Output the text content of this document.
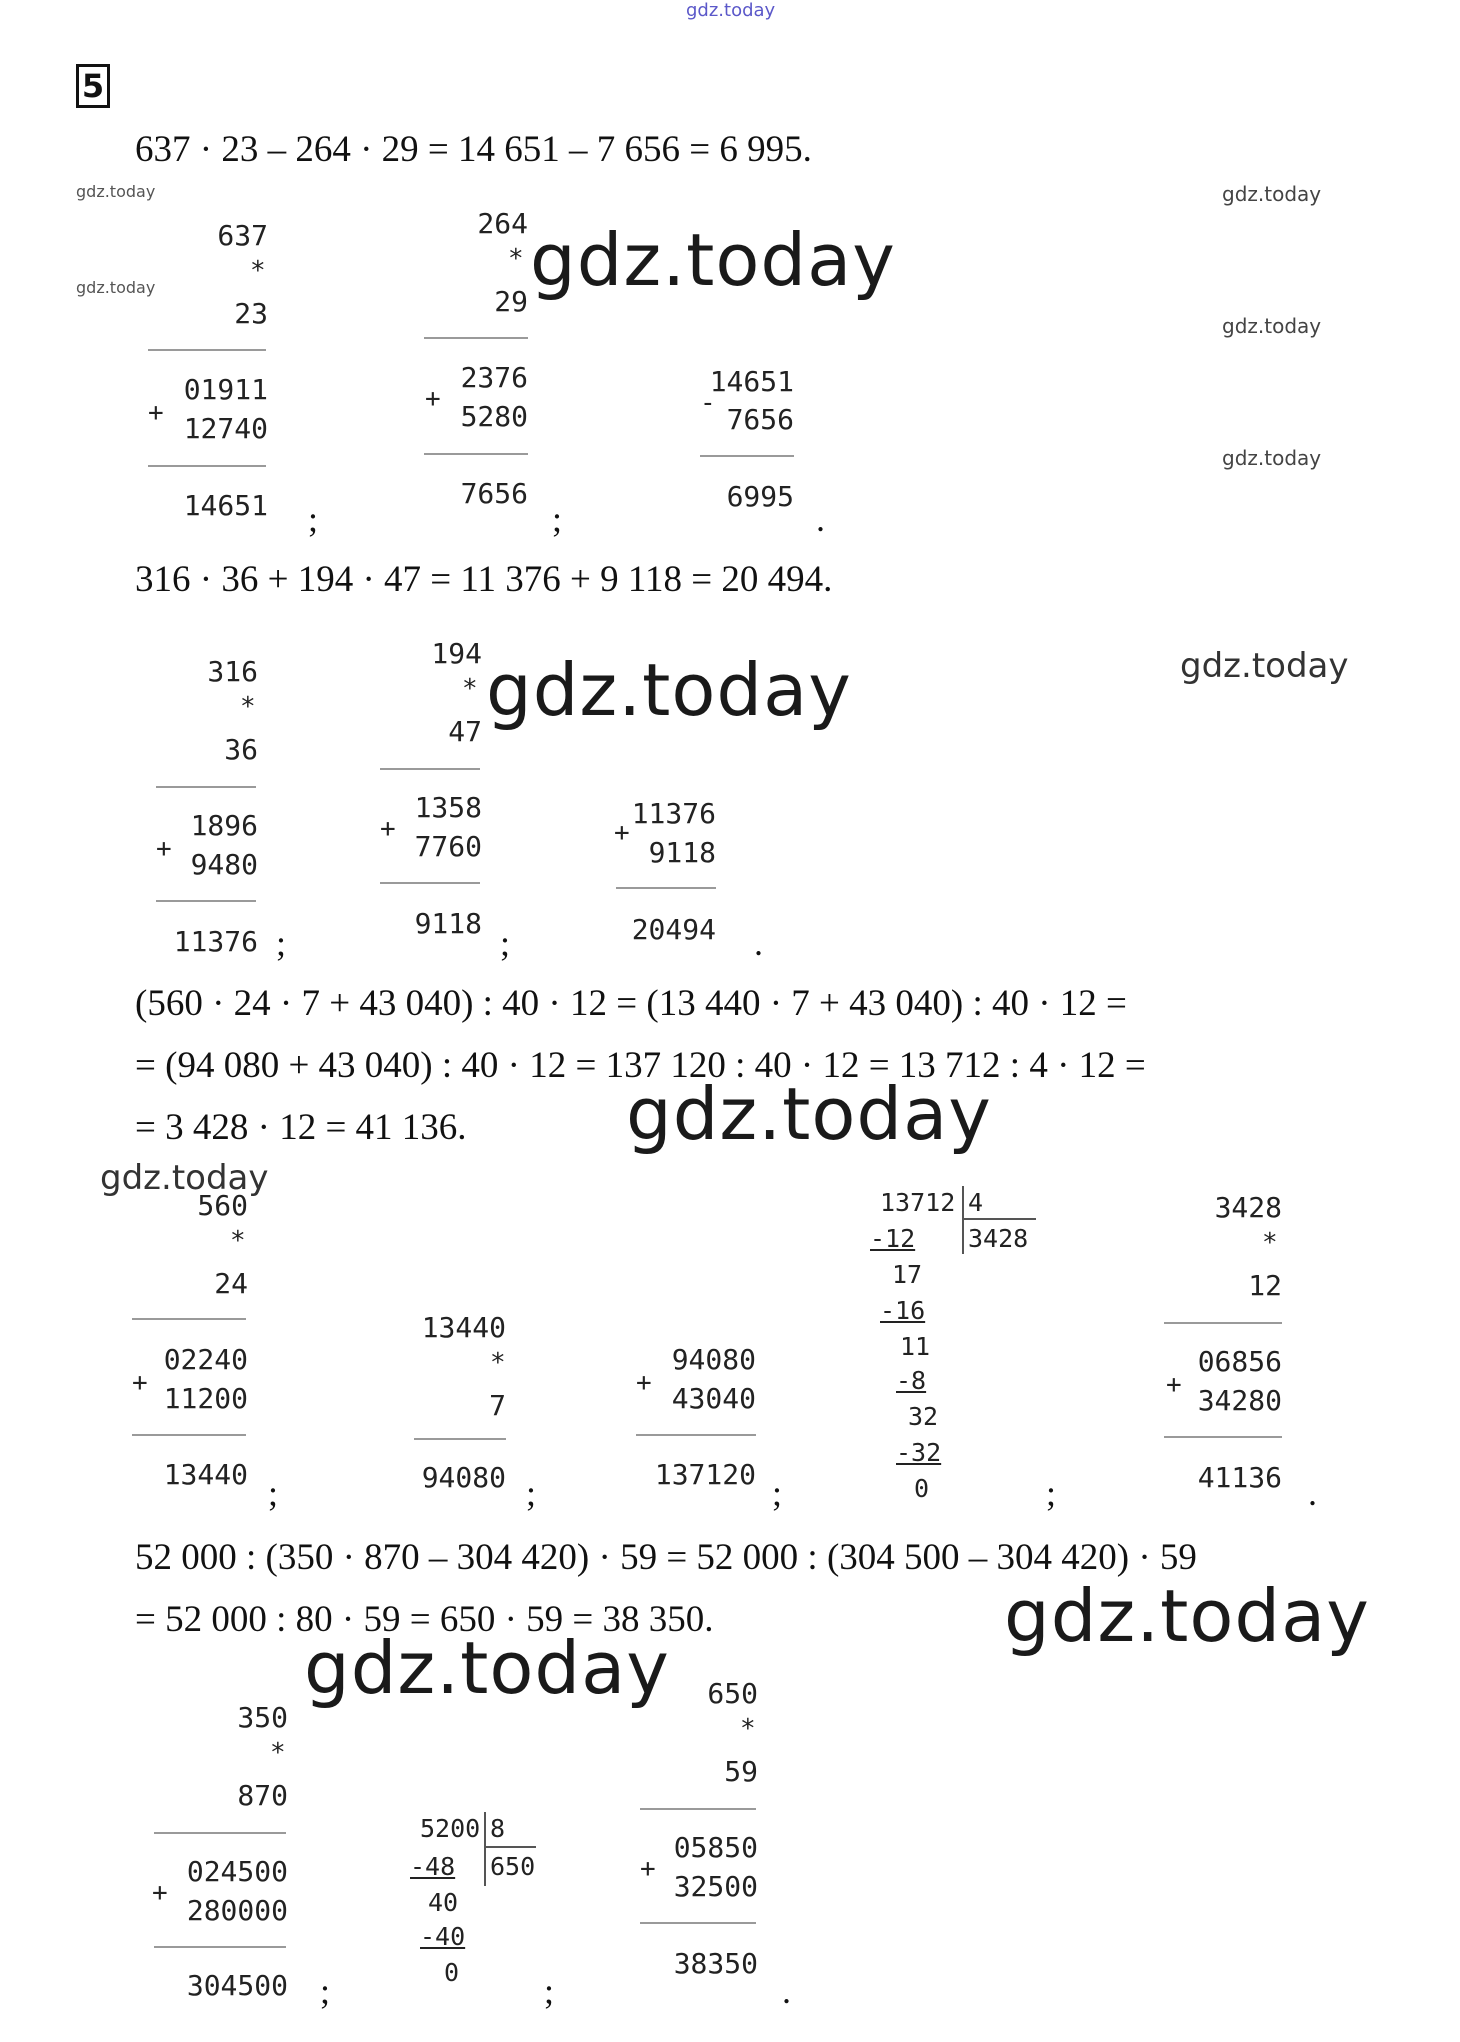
gdz.today
5
637 · 23 – 264 · 29 = 14 651 – 7 656 = 6 995.
637
*
23
+
01911
12740
14651 ;
264
*
29
+
2376
5280
7656
;
14651
- 7656
6995
.
gdz.today
gdz.today
gdz.today
gdz.today
gdz.today
gdz.today
316 · 36 + 194 · 47 = 11 376 + 9 118 = 20 494.
316
*
36
+
1896
9480
11376 ;
194
*
47
+
1358
7760
9118 ;
11376
+
9118
20494 .
gdz.today	gdz.today
(560 · 24 · 7 + 43 040) : 40 · 12 = (13 440 · 7 + 43 040) : 40 · 12 =
= (94 080 + 43 040) : 40 · 12 = 137 120 : 40 · 12 = 13 712 : 4 · 12 =
= 3 428 · 12 = 41 136. gdz.today
gdz.today
560
*
24
+
02240
11200
13440 ;
13440
*
7
94080 ;
94080
+ 43040
137120 ;
13712 4
3428
-12
17
-16
11
-8
32
-32
0	;
3428
*
12
+
06856
34280
41136 .
52 000 : (350 · 870 – 304 420) · 59 = 52 000 : (304 500 – 304 420) · 59
= 52 000 : 80 · 59 = 650 · 59 = 38 350.	gdz.today
gdz.today
350
*
870
+
024500
280000
304500 ;
5200 8
650
-48
40
-40
0 ;
650
*
59
+
05850
32500
38350
.
